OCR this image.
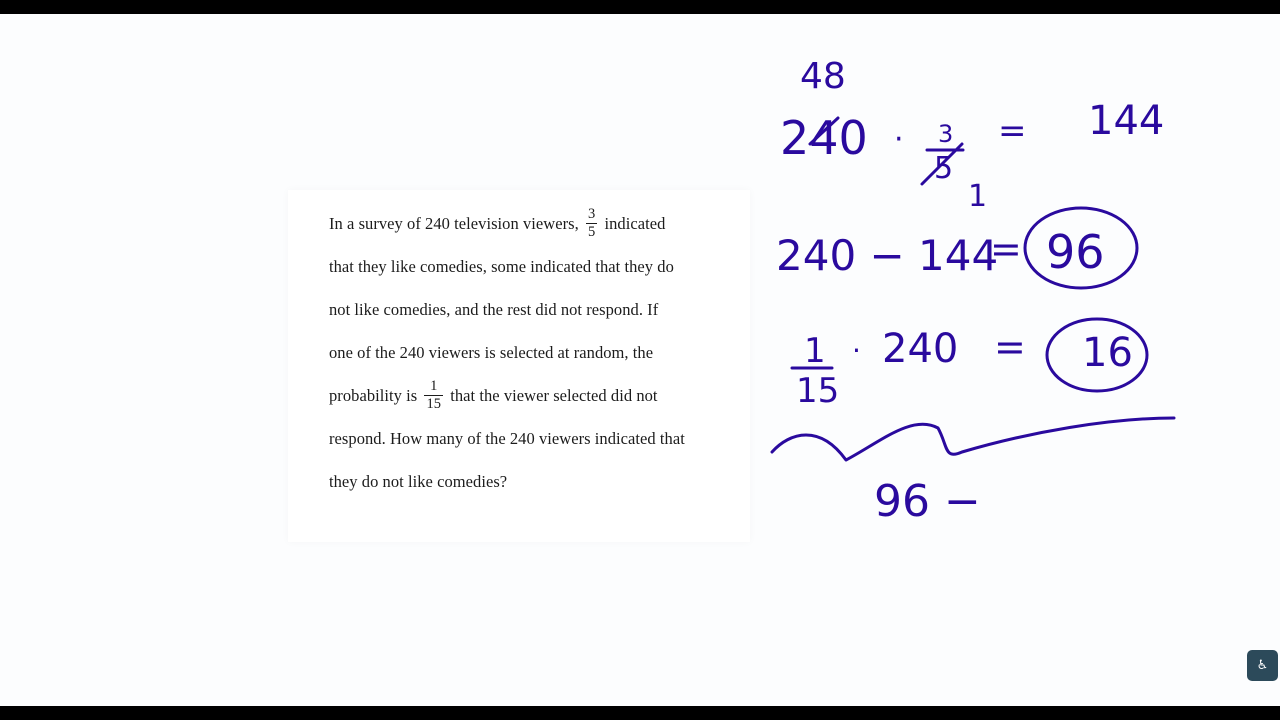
In a survey of 240 television viewers, $\frac{3}{5}$ indicated
that they like comedies, some indicated that they do
not like comedies, and the rest did not respond. If
one of the 240 viewers is selected at random, the
probability is $\frac{1}{15}$ that the viewer selected did not
respond. How many of the 240 viewers indicated that
they do not like comedies?
48
240 · 3
5
1
= 144
240 − 144
= 96
1
15
· 240 = 16
96 −
♿
